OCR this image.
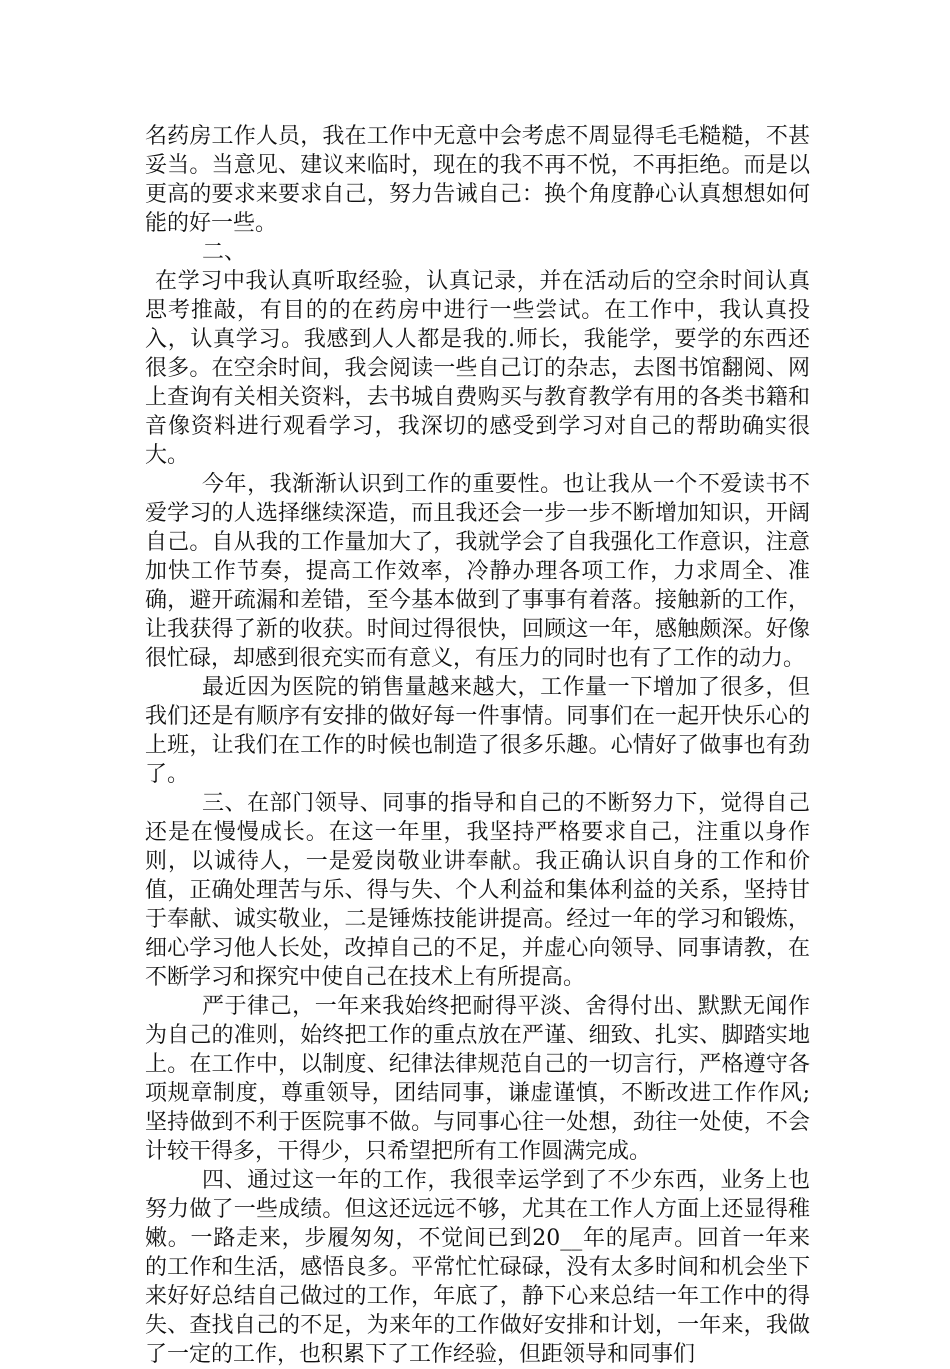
名药房工作人员，我在工作中无意中会考虑不周显得毛毛糙糙，不甚妥当。当意见、建议来临时，现在的我不再不悦，不再拒绝。而是以更高的要求来要求自己，努力告诫自己：换个角度静心认真想想如何能的好一些。

二、

在学习中我认真听取经验，认真记录，并在活动后的空余时间认真思考推敲，有目的的在药房中进行一些尝试。在工作中，我认真投入，认真学习。我感到人人都是我的.师长，我能学，要学的东西还很多。在空余时间，我会阅读一些自己订的杂志，去图书馆翻阅、网上查询有关相关资料，去书城自费购买与教育教学有用的各类书籍和音像资料进行观看学习，我深切的感受到学习对自己的帮助确实很大。

今年，我渐渐认识到工作的重要性。也让我从一个不爱读书不爱学习的人选择继续深造，而且我还会一步一步不断增加知识，开阔自己。自从我的工作量加大了，我就学会了自我强化工作意识，注意加快工作节奏，提高工作效率，冷静办理各项工作，力求周全、准确，避开疏漏和差错，至今基本做到了事事有着落。接触新的工作，让我获得了新的收获。时间过得很快，回顾这一年，感触颇深。好像很忙碌，却感到很充实而有意义，有压力的同时也有了工作的动力。

最近因为医院的销售量越来越大，工作量一下增加了很多，但我们还是有顺序有安排的做好每一件事情。同事们在一起开快乐心的上班，让我们在工作的时候也制造了很多乐趣。心情好了做事也有劲了。

三、在部门领导、同事的指导和自己的不断努力下，觉得自己还是在慢慢成长。在这一年里，我坚持严格要求自己，注重以身作则，以诚待人，一是爱岗敬业讲奉献。我正确认识自身的工作和价值，正确处理苦与乐、得与失、个人利益和集体利益的关系，坚持甘于奉献、诚实敬业，二是锤炼技能讲提高。经过一年的学习和锻炼，细心学习他人长处，改掉自己的不足，并虚心向领导、同事请教，在不断学习和探究中使自己在技术上有所提高。

严于律己，一年来我始终把耐得平淡、舍得付出、默默无闻作为自己的准则，始终把工作的重点放在严谨、细致、扎实、脚踏实地上。在工作中，以制度、纪律法律规范自己的一切言行，严格遵守各项规章制度，尊重领导，团结同事，谦虚谨慎，不断改进工作作风;坚持做到不利于医院事不做。与同事心往一处想，劲往一处使，不会计较干得多，干得少，只希望把所有工作圆满完成。

四、通过这一年的工作，我很幸运学到了不少东西，业务上也努力做了一些成绩。但这还远远不够，尤其在工作人方面上还显得稚嫩。一路走来，步履匆匆，不觉间已到20__年的尾声。回首一年来的工作和生活，感悟良多。平常忙忙碌碌，没有太多时间和机会坐下来好好总结自己做过的工作，年底了，静下心来总结一年工作中的得失、查找自己的不足，为来年的工作做好安排和计划，一年来，我做了一定的工作，也积累下了工作经验，但距领导和同事们
